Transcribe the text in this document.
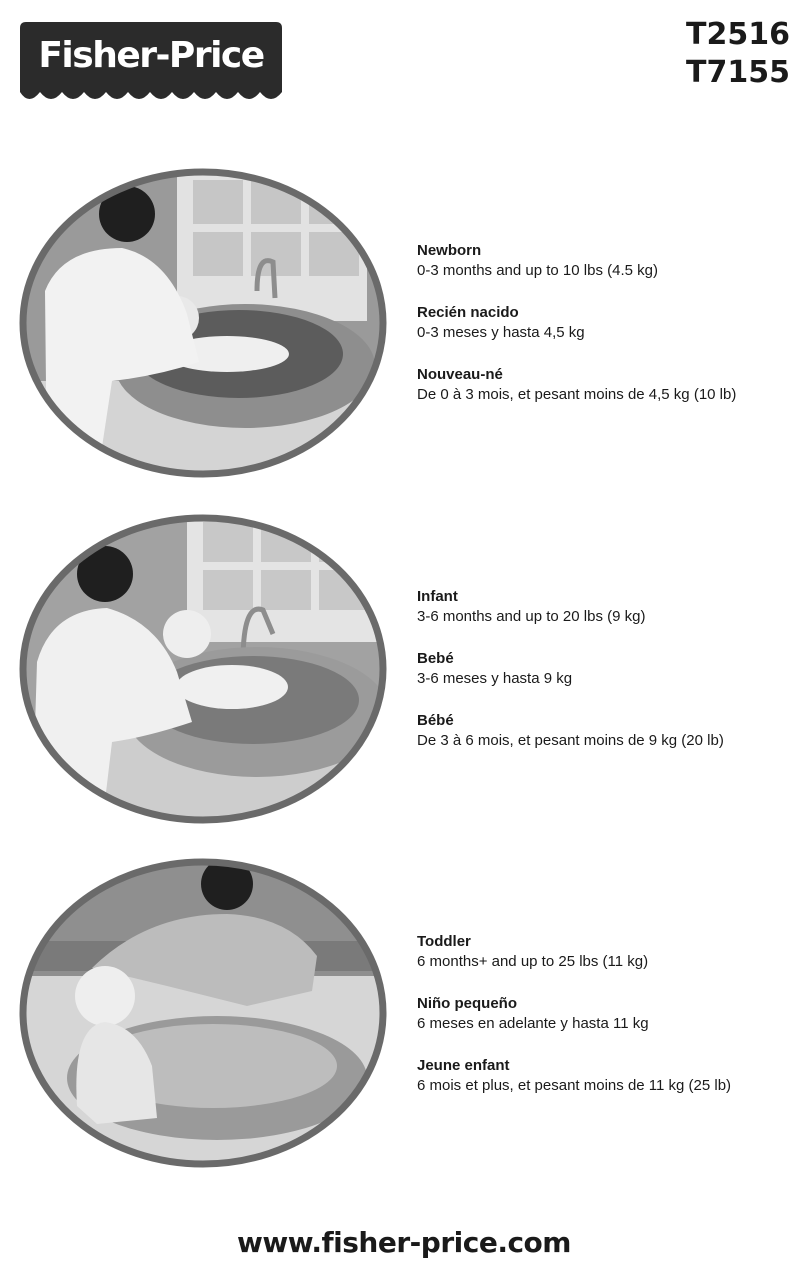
Fisher-Price
T2516
T7155
Newborn
0-3 months and up to 10 lbs (4.5 kg)
Recién nacido
0-3 meses y hasta 4,5 kg
Nouveau-né
De 0 à 3 mois, et pesant moins de 4,5 kg (10 lb)
Infant
3-6 months and up to 20 lbs (9 kg)
Bebé
3-6 meses y hasta 9 kg
Bébé
De 3 à 6 mois, et pesant moins de 9 kg (20 lb)
Toddler
6 months+ and up to 25 lbs (11 kg)
Niño pequeño
6 meses en adelante y hasta 11 kg
Jeune enfant
6 mois et plus, et pesant moins de 11 kg (25 lb)
www.fisher-price.com
